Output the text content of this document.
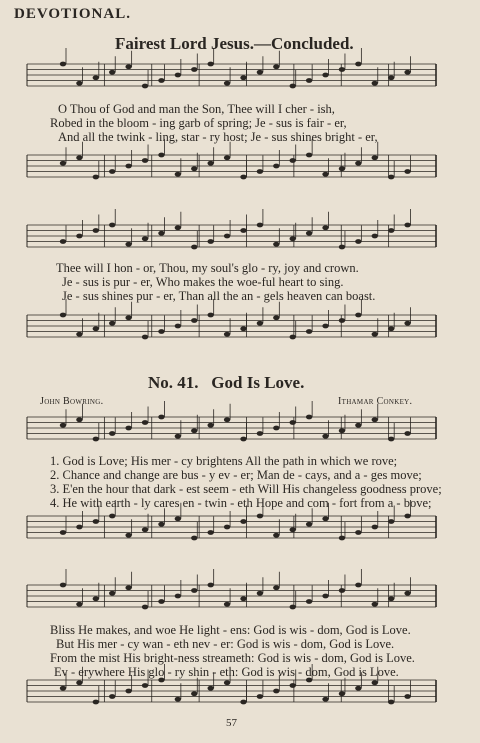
DEVOTIONAL.
Fairest Lord Jesus.—Concluded.
O Thou of God and man the Son, Thee will I cher - ish,
Robed in the bloom - ing garb of spring; Je - sus is fair - er,
And all the twink - ling, star - ry host; Je - sus shines bright - er,
Thee will I hon - or, Thou, my soul's glo - ry, joy and crown.
Je - sus is pur - er, Who makes the woe-ful heart to sing.
Je - sus shines pur - er, Than all the an - gels heaven can boast.
No. 41. God Is Love.
John Bowring.	Ithamar Conkey.
1. God is Love; His mer - cy brightens All the path in which we rove;
2. Chance and change are bus - y ev - er; Man de - cays, and a - ges move;
3. E'en the hour that dark - est seem - eth Will His changeless goodness prove;
4. He with earth - ly cares en - twin - eth Hope and com - fort from a - bove;
Bliss He makes, and woe He light - ens: God is wis - dom, God is Love.
But His mer - cy wan - eth nev - er: God is wis - dom, God is Love.
From the mist His bright-ness streameth: God is wis - dom, God is Love.
Ev - erywhere His glo - ry shin - eth: God is wis - dom, God is Love.
57
